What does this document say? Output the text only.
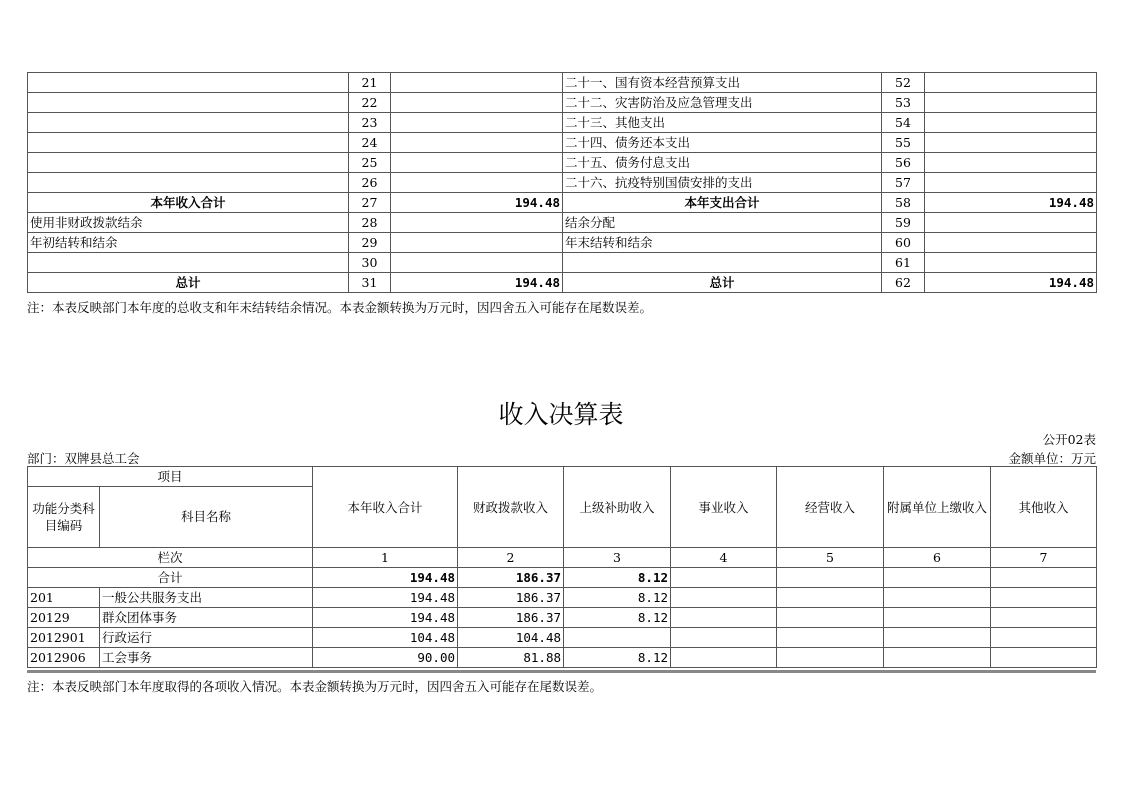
	21		二十一、国有资本经营预算支出	52	
	22		二十二、灾害防治及应急管理支出	53	
	23		二十三、其他支出	54	
	24		二十四、债务还本支出	55	
	25		二十五、债务付息支出	56	
	26		二十六、抗疫特别国债安排的支出	57	
本年收入合计	27	194.48	本年支出合计	58	194.48
使用非财政拨款结余	28		结余分配	59	
年初结转和结余	29		年末结转和结余	60	
	30			61	
总计	31	194.48	总计	62	194.48
注：本表反映部门本年度的总收支和年末结转结余情况。本表金额转换为万元时，因四舍五入可能存在尾数误差。
收入决算表
公开02表
部门：双牌县总工会	金额单位：万元
项目		本年收入合计	财政拨款收入	上级补助收入	事业收入	经营收入	附属单位上缴收入	其他收入
功能分类科目编码	科目名称							
栏次		1	2	3	4	5	6	7
合计		194.48	186.37	8.12				
201	一般公共服务支出	194.48	186.37	8.12				
20129	群众团体事务	194.48	186.37	8.12				
2012901	行政运行	104.48	104.48					
2012906	工会事务	90.00	81.88	8.12				
注：本表反映部门本年度取得的各项收入情况。本表金额转换为万元时，因四舍五入可能存在尾数误差。
